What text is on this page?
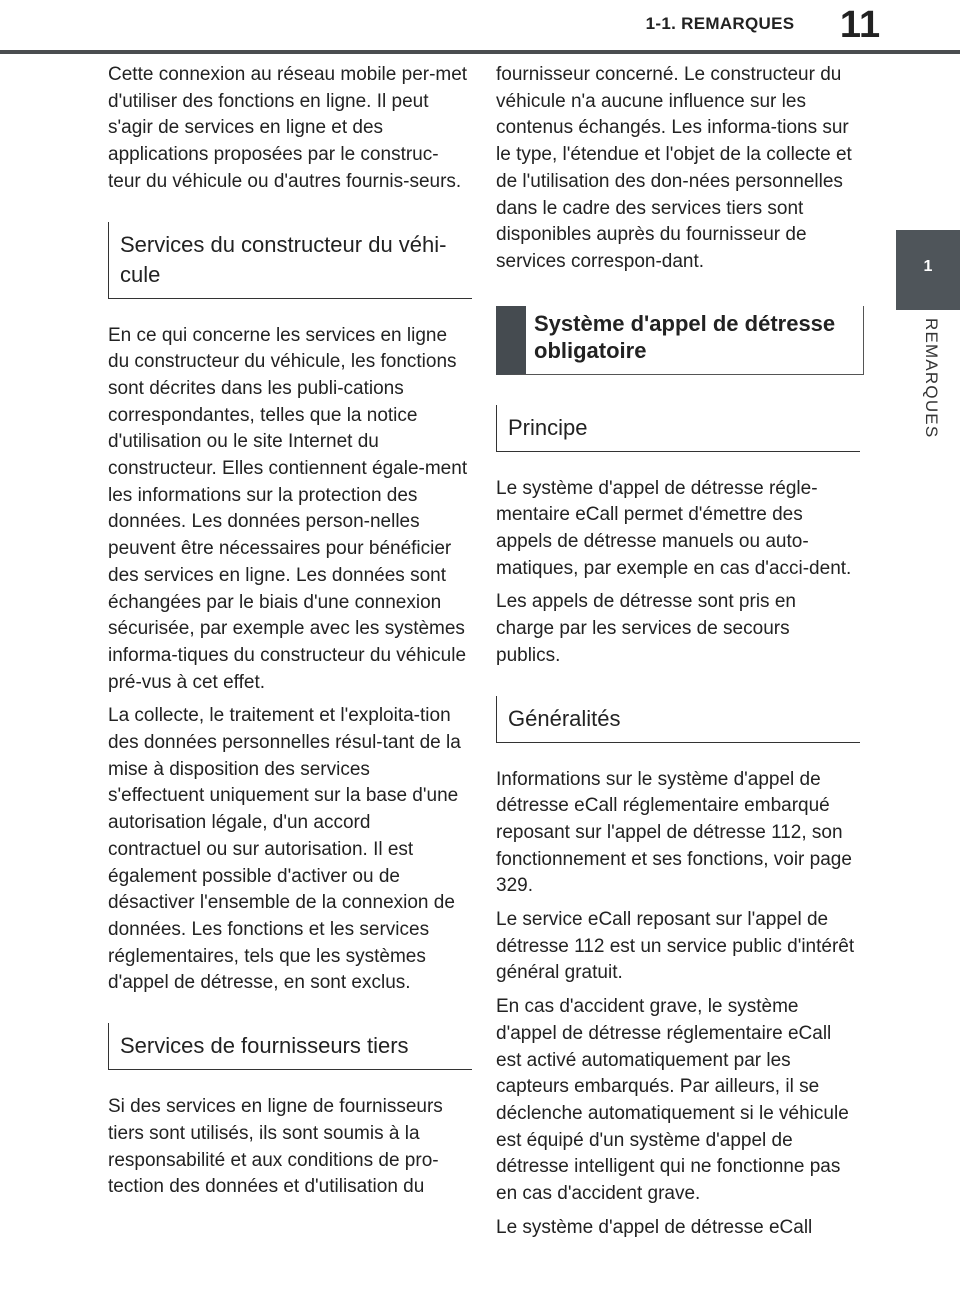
1-1. REMARQUES	11
1
REMARQUES

Cette connexion au réseau mobile per-met d'utiliser des fonctions en ligne. Il peut s'agir de services en ligne et des applications proposées par le construc-teur du véhicule ou d'autres fournis-seurs.

Services du constructeur du véhi-cule

En ce qui concerne les services en ligne du constructeur du véhicule, les fonctions sont décrites dans les publi-cations correspondantes, telles que la notice d'utilisation ou le site Internet du constructeur. Elles contiennent égale-ment les informations sur la protection des données. Les données person-nelles peuvent être nécessaires pour bénéficier des services en ligne. Les données sont échangées par le biais d'une connexion sécurisée, par exemple avec les systèmes informa-tiques du constructeur du véhicule pré-vus à cet effet.

La collecte, le traitement et l'exploita-tion des données personnelles résul-tant de la mise à disposition des services s'effectuent uniquement sur la base d'une autorisation légale, d'un accord contractuel ou sur autorisation. Il est également possible d'activer ou de désactiver l'ensemble de la connexion de données. Les fonctions et les services réglementaires, tels que les systèmes d'appel de détresse, en sont exclus.

Services de fournisseurs tiers

Si des services en ligne de fournisseurs tiers sont utilisés, ils sont soumis à la responsabilité et aux conditions de pro-tection des données et d'utilisation du

fournisseur concerné. Le constructeur du véhicule n'a aucune influence sur les contenus échangés. Les informa-tions sur le type, l'étendue et l'objet de la collecte et de l'utilisation des don-nées personnelles dans le cadre des services tiers sont disponibles auprès du fournisseur de services correspon-dant.

Système d'appel de détresse obligatoire
Principe

Le système d'appel de détresse régle-mentaire eCall permet d'émettre des appels de détresse manuels ou auto-matiques, par exemple en cas d'acci-dent.

Les appels de détresse sont pris en charge par les services de secours publics.

Généralités

Informations sur le système d'appel de détresse eCall réglementaire embarqué reposant sur l'appel de détresse 112, son fonctionnement et ses fonctions, voir page 329.

Le service eCall reposant sur l'appel de détresse 112 est un service public d'intérêt général gratuit.

En cas d'accident grave, le système d'appel de détresse réglementaire eCall est activé automatiquement par les capteurs embarqués. Par ailleurs, il se déclenche automatiquement si le véhicule est équipé d'un système d'appel de détresse intelligent qui ne fonctionne pas en cas d'accident grave.

Le système d'appel de détresse eCall
